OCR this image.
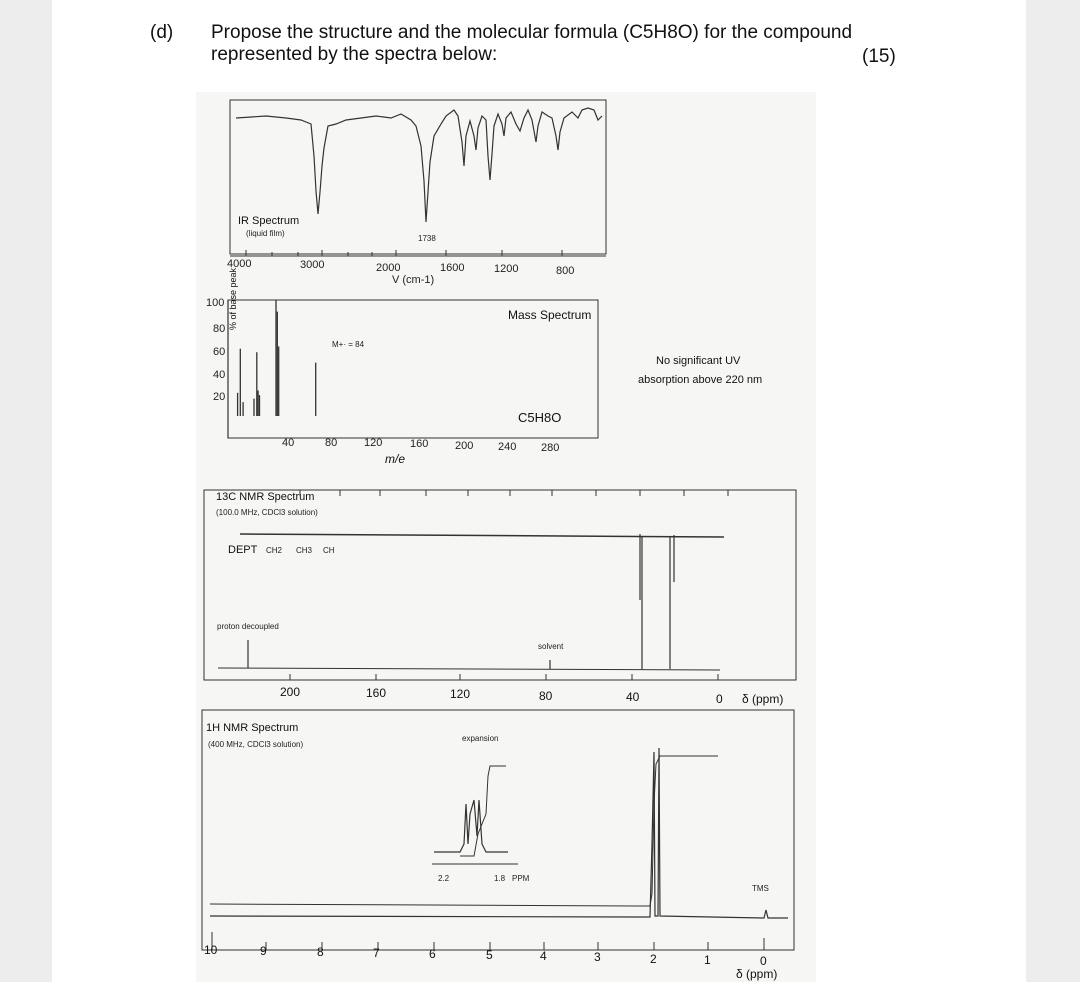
(d) Propose the structure and the molecular formula (C5H8O) for the compound represented by the spectra below:	(15)
IR Spectrum
(liquid film)
1738
4000	3000	2000	1600	1200	800
V (cm-1)
% of base peak
100
80
60
40
20
Mass Spectrum
M+· = 84
C5H8O
40	80 120	160 200 240 280
m/e
No significant UV
absorption above 220 nm
13C NMR Spectrum
(100.0 MHz, CDCl3 solution)
DEPT CH2 CH3 CH
proton decoupled
solvent
200	160	120	80	40	0 δ (ppm)
1H NMR Spectrum
(400 MHz, CDCl3 solution)
expansion
2.2	1.8 PPM
TMS
10	9	8	7	6	5	4	3	2	1	0
δ (ppm)
